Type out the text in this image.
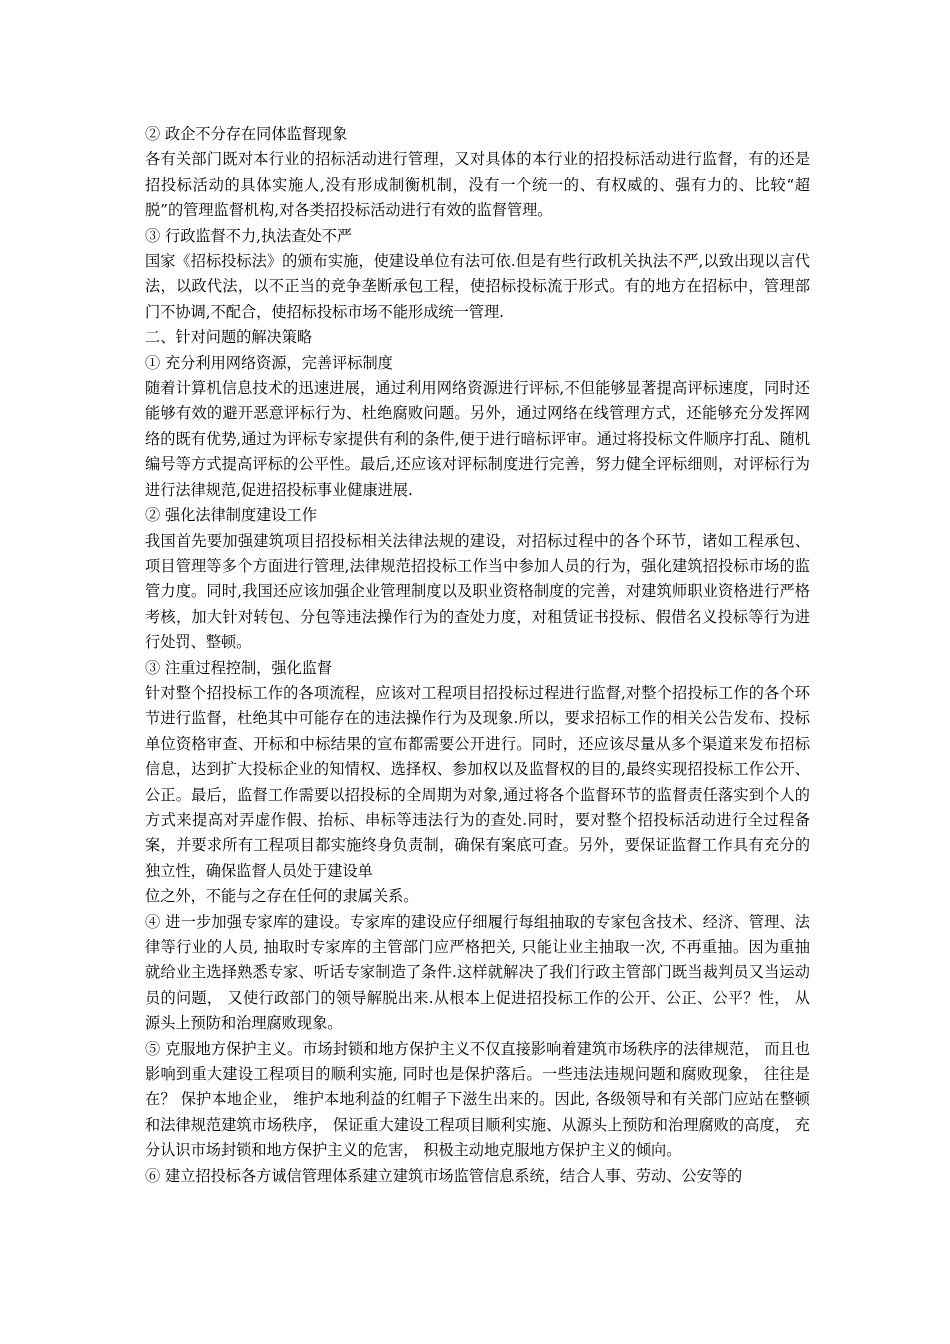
② 政企不分存在同体监督现象

各有关部门既对本行业的招标活动进行管理，又对具体的本行业的招投标活动进行监督，有的还是招投标活动的具体实施人,没有形成制衡机制，没有一个统一的、有权威的、强有力的、比较“超脱”的管理监督机构,对各类招投标活动进行有效的监督管理。

③ 行政监督不力,执法查处不严

国家《招标投标法》的颁布实施，使建设单位有法可依.但是有些行政机关执法不严,以致出现以言代法，以政代法，以不正当的竞争垄断承包工程，使招标投标流于形式。有的地方在招标中，管理部门不协调,不配合，使招标投标市场不能形成统一管理.

二、针对问题的解决策略

① 充分利用网络资源，完善评标制度

随着计算机信息技术的迅速进展，通过利用网络资源进行评标,不但能够显著提高评标速度，同时还能够有效的避开恶意评标行为、杜绝腐败问题。另外，通过网络在线管理方式，还能够充分发挥网络的既有优势,通过为评标专家提供有利的条件,便于进行暗标评审。通过将投标文件顺序打乱、随机编号等方式提高评标的公平性。最后,还应该对评标制度进行完善，努力健全评标细则，对评标行为进行法律规范,促进招投标事业健康进展.

② 强化法律制度建设工作

我国首先要加强建筑项目招投标相关法律法规的建设，对招标过程中的各个环节，诸如工程承包、项目管理等多个方面进行管理,法律规范招投标工作当中参加人员的行为，强化建筑招投标市场的监管力度。同时,我国还应该加强企业管理制度以及职业资格制度的完善，对建筑师职业资格进行严格考核，加大针对转包、分包等违法操作行为的查处力度，对租赁证书投标、假借名义投标等行为进行处罚、整顿。

③ 注重过程控制，强化监督

针对整个招投标工作的各项流程，应该对工程项目招投标过程进行监督,对整个招投标工作的各个环节进行监督，杜绝其中可能存在的违法操作行为及现象.所以，要求招标工作的相关公告发布、投标单位资格审查、开标和中标结果的宣布都需要公开进行。同时，还应该尽量从多个渠道来发布招标信息，达到扩大投标企业的知情权、选择权、参加权以及监督权的目的,最终实现招投标工作公开、公正。最后，监督工作需要以招投标的全周期为对象,通过将各个监督环节的监督责任落实到个人的方式来提高对弄虚作假、抬标、串标等违法行为的查处.同时，要对整个招投标活动进行全过程备案，并要求所有工程项目都实施终身负责制，确保有案底可查。另外，要保证监督工作具有充分的独立性，确保监督人员处于建设单

位之外，不能与之存在任何的隶属关系。

④ 进一步加强专家库的建设。专家库的建设应仔细履行每组抽取的专家包含技术、经济、管理、法律等行业的人员, 抽取时专家库的主管部门应严格把关, 只能让业主抽取一次, 不再重抽。因为重抽就给业主选择熟悉专家、听话专家制造了条件.这样就解决了我们行政主管部门既当裁判员又当运动员的问题， 又使行政部门的领导解脱出来.从根本上促进招投标工作的公开、公正、公平？性， 从源头上预防和治理腐败现象。

⑤ 克服地方保护主义。市场封锁和地方保护主义不仅直接影响着建筑市场秩序的法律规范， 而且也影响到重大建设工程项目的顺利实施, 同时也是保护落后。一些违法违规问题和腐败现象， 往往是在？ 保护本地企业， 维护本地利益的红帽子下滋生出来的。因此, 各级领导和有关部门应站在整顿和法律规范建筑市场秩序， 保证重大建设工程项目顺利实施、从源头上预防和治理腐败的高度， 充分认识市场封锁和地方保护主义的危害， 积极主动地克服地方保护主义的倾向。

⑥ 建立招投标各方诚信管理体系建立建筑市场监管信息系统，结合人事、劳动、公安等的
